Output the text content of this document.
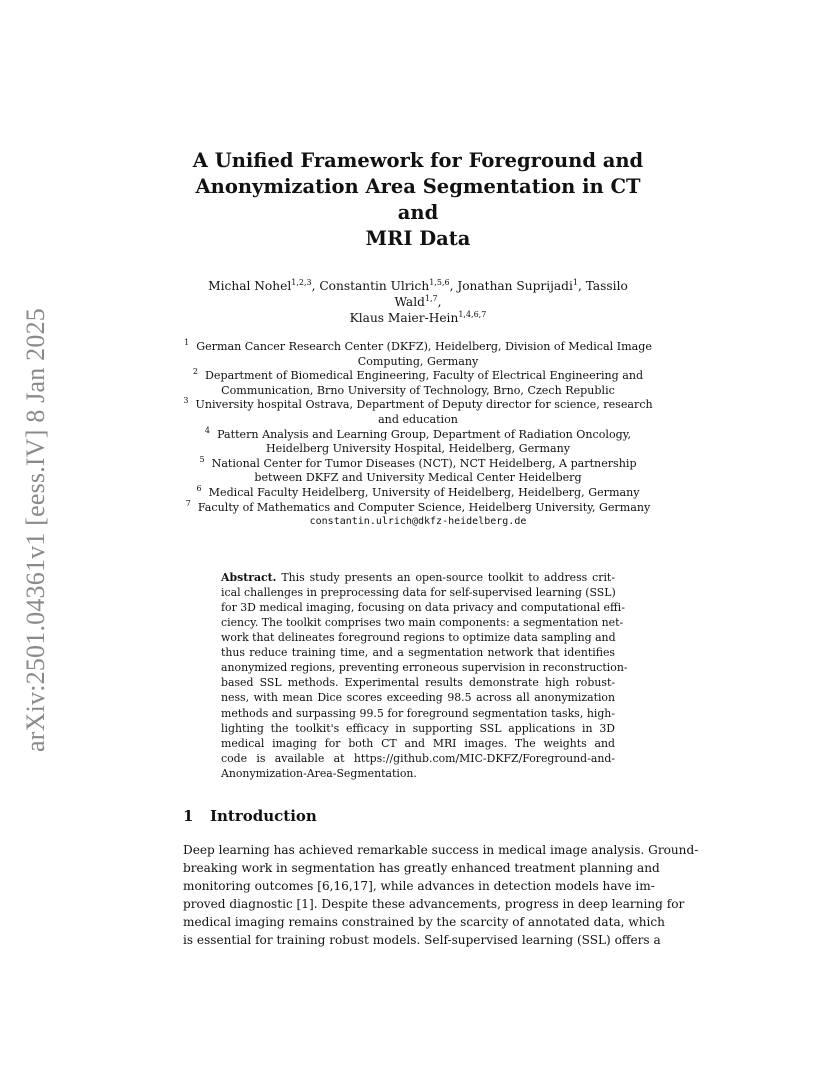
arXiv:2501.04361v1 [eess.IV] 8 Jan 2025
A Unified Framework for Foreground and
Anonymization Area Segmentation in CT and
MRI Data
Michal Nohel$^{1,2,3}$, Constantin Ulrich$^{1,5,6}$, Jonathan Suprijadi$^1$, Tassilo Wald$^{1,7}$,
Klaus Maier-Hein$^{1,4,6,7}$
$^1$ German Cancer Research Center (DKFZ), Heidelberg, Division of Medical Image
Computing, Germany
$^2$ Department of Biomedical Engineering, Faculty of Electrical Engineering and
Communication, Brno University of Technology, Brno, Czech Republic
$^3$ University hospital Ostrava, Department of Deputy director for science, research
and education
$^4$ Pattern Analysis and Learning Group, Department of Radiation Oncology,
Heidelberg University Hospital, Heidelberg, Germany
$^5$ National Center for Tumor Diseases (NCT), NCT Heidelberg, A partnership
between DKFZ and University Medical Center Heidelberg
$^6$ Medical Faculty Heidelberg, University of Heidelberg, Heidelberg, Germany
$^7$ Faculty of Mathematics and Computer Science, Heidelberg University, Germany
constantin.ulrich@dkfz-heidelberg.de
Abstract. This study presents an open-source toolkit to address crit-
ical challenges in preprocessing data for self-supervised learning (SSL)
for 3D medical imaging, focusing on data privacy and computational effi-
ciency. The toolkit comprises two main components: a segmentation net-
work that delineates foreground regions to optimize data sampling and
thus reduce training time, and a segmentation network that identifies
anonymized regions, preventing erroneous supervision in reconstruction-
based SSL methods. Experimental results demonstrate high robust-
ness, with mean Dice scores exceeding 98.5 across all anonymization
methods and surpassing 99.5 for foreground segmentation tasks, high-
lighting the toolkit's efficacy in supporting SSL applications in 3D
medical imaging for both CT and MRI images. The weights and
code is available at https://github.com/MIC-DKFZ/Foreground-and-
Anonymization-Area-Segmentation.
1 Introduction
Deep learning has achieved remarkable success in medical image analysis. Ground-
breaking work in segmentation has greatly enhanced treatment planning and
monitoring outcomes [6,16,17], while advances in detection models have im-
proved diagnostic [1]. Despite these advancements, progress in deep learning for
medical imaging remains constrained by the scarcity of annotated data, which
is essential for training robust models. Self-supervised learning (SSL) offers a
